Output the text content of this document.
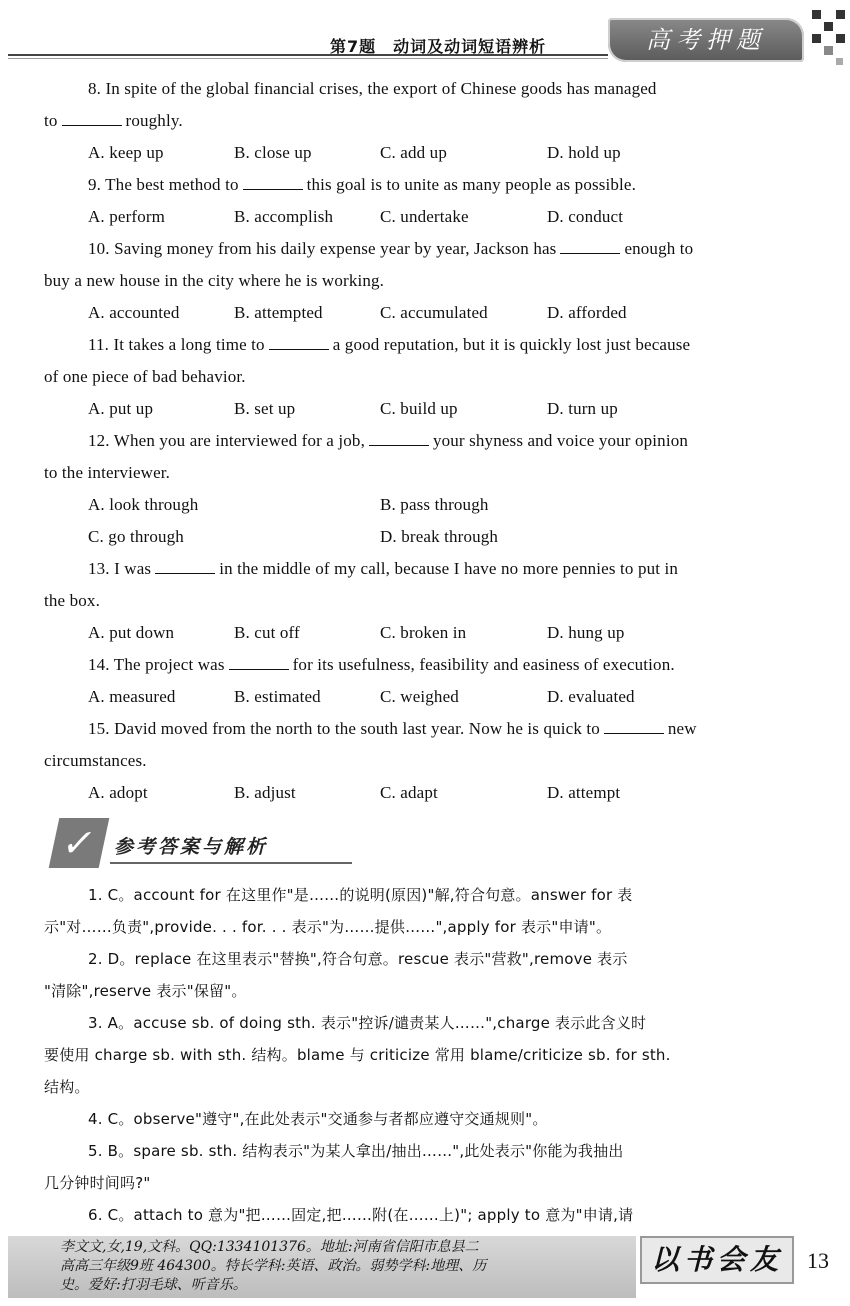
第7题　动词及动词短语辨析	高考押题
8. In spite of the global financial crises, the export of Chinese goods has managed
to	roughly.
A. keep up	B. close up	C. add up	D. hold up
9. The best method to	this goal is to unite as many people as possible.
A. perform	B. accomplish	C. undertake	D. conduct
10. Saving money from his daily expense year by year, Jackson has	enough to
buy a new house in the city where he is working.
A. accounted	B. attempted	C. accumulated	D. afforded
11. It takes a long time to	a good reputation, but it is quickly lost just because
of one piece of bad behavior.
A. put up	B. set up	C. build up	D. turn up
12. When you are interviewed for a job,	your shyness and voice your opinion
to the interviewer.
A. look through	B. pass through
C. go through	D. break through
13. I was	in the middle of my call, because I have no more pennies to put in
the box.
A. put down	B. cut off	C. broken in	D. hung up
14. The project was	for its usefulness, feasibility and easiness of execution.
A. measured	B. estimated	C. weighed	D. evaluated
15. David moved from the north to the south last year. Now he is quick to	new
circumstances.
A. adopt	B. adjust	C. adapt	D. attempt
✓ 参考答案与解析
1. C。account for 在这里作"是……的说明(原因)"解,符合句意。answer for 表
示"对……负责",provide. . . for. . . 表示"为……提供……",apply for 表示"申请"。
2. D。replace 在这里表示"替换",符合句意。rescue 表示"营救",remove 表示
"清除",reserve 表示"保留"。
3. A。accuse sb. of doing sth. 表示"控诉/谴责某人……",charge 表示此含义时
要使用 charge sb. with sth. 结构。blame 与 criticize 常用 blame/criticize sb. for sth.
结构。
4. C。observe"遵守",在此处表示"交通参与者都应遵守交通规则"。
5. B。spare sb. sth. 结构表示"为某人拿出/抽出……",此处表示"你能为我抽出
几分钟时间吗?"
6. C。attach to 意为"把……固定,把……附(在……上)"; apply to 意为"申请,请
李文文,女,19,文科。QQ:1334101376。地址:河南省信阳市息县二
高高三年级9班 464300。特长学科:英语、政治。弱势学科:地理、历
史。爱好:打羽毛球、听音乐。
以书会友	13
